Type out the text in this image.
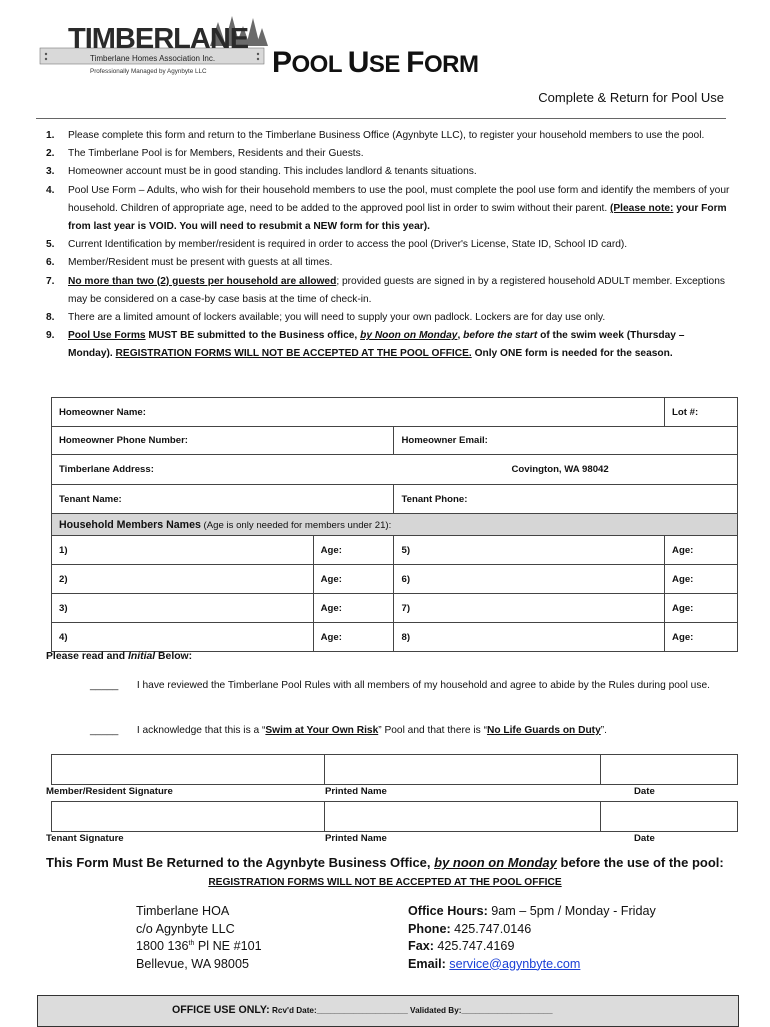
TIMBERLANE
Timberlane Homes Association Inc.
Professionally Managed by Agynbyte LLC POOL USE FORM
Complete & Return for Pool Use
1. Please complete this form and return to the Timberlane Business Office (Agynbyte LLC), to register your household members to use the pool.
2. The Timberlane Pool is for Members, Residents and their Guests.
3. Homeowner account must be in good standing. This includes landlord & tenants situations.
4. Pool Use Form – Adults, who wish for their household members to use the pool, must complete the pool use form and identify the members of your household. Children of appropriate age, need to be added to the approved pool list in order to swim without their parent. (Please note: your Form from last year is VOID. You will need to resubmit a NEW form for this year).
5. Current Identification by member/resident is required in order to access the pool (Driver's License, State ID, School ID card).
6. Member/Resident must be present with guests at all times.
7. No more than two (2) guests per household are allowed; provided guests are signed in by a registered household ADULT member. Exceptions may be considered on a case-by case basis at the time of check-in.
8. There are a limited amount of lockers available; you will need to supply your own padlock. Lockers are for day use only.
9. Pool Use Forms MUST BE submitted to the Business office, by Noon on Monday, before the start of the swim week (Thursday – Monday). REGISTRATION FORMS WILL NOT BE ACCEPTED AT THE POOL OFFICE. Only ONE form is needed for the season.
Homeowner Name:			Lot #:
Homeowner Phone Number:		Homeowner Email:	
Timberlane Address: Covington, WA 98042			

Tenant Name:		Tenant Phone:	
Household Members Names (Age is only needed for members under 21):			
1)	Age:	5)	Age:
2)	Age:	6)	Age:
3)	Age:	7)	Age:
4)	Age:	8)	Age:
Please read and Initial Below:
_____ I have reviewed the Timberlane Pool Rules with all members of my household and agree to abide by the Rules during pool use.
_____ I acknowledge that this is a “Swim at Your Own Risk” Pool and that there is “No Life Guards on Duty”.

Member/Resident Signature	Printed Name	Date

Tenant Signature	Printed Name	Date
This Form Must Be Returned to the Agynbyte Business Office, by noon on Monday before the use of the pool:
REGISTRATION FORMS WILL NOT BE ACCEPTED AT THE POOL OFFICE
Timberlane HOA
c/o Agynbyte LLC
1800 136th Pl NE #101
Bellevue, WA 98005
Office Hours: 9am – 5pm / Monday - Friday
Phone: 425.747.0146
Fax: 425.747.4169
Email: service@agynbyte.com
OFFICE USE ONLY: Rcv'd Date:____________________ Validated By:____________________
